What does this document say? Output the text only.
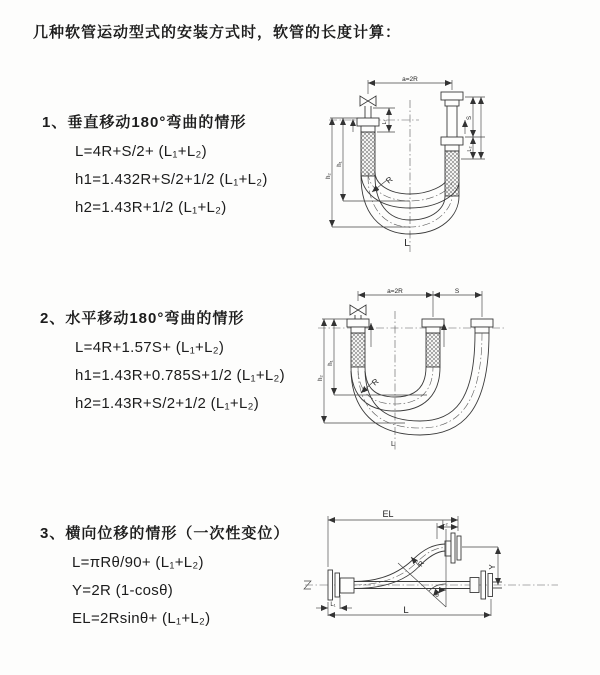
几种软管运动型式的安装方式时，软管的长度计算：
1、垂直移动180°弯曲的情形
L=4R+S/2+ (L₁+L₂)
h1=1.432R+S/2+1/2 (L₁+L₂)
h2=1.43R+1/2 (L₁+L₂)
a=2R
h₁
h₂
L₁
S
L₂
R
L
2、水平移动180°弯曲的情形
L=4R+1.57S+ (L₁+L₂)
h1=1.43R+0.785S+1/2 (L₁+L₂)
h2=1.43R+S/2+1/2 (L₁+L₂)
a=2R	S
h₁
h₂	R
L
3、横向位移的情形（一次性变位）
L=πRθ/90+ (L₁+L₂)
Y=2R (1-cosθ)
EL=2Rsinθ+ (L₁+L₂)
EL
L₂
Y
θ
R
L₁	L
